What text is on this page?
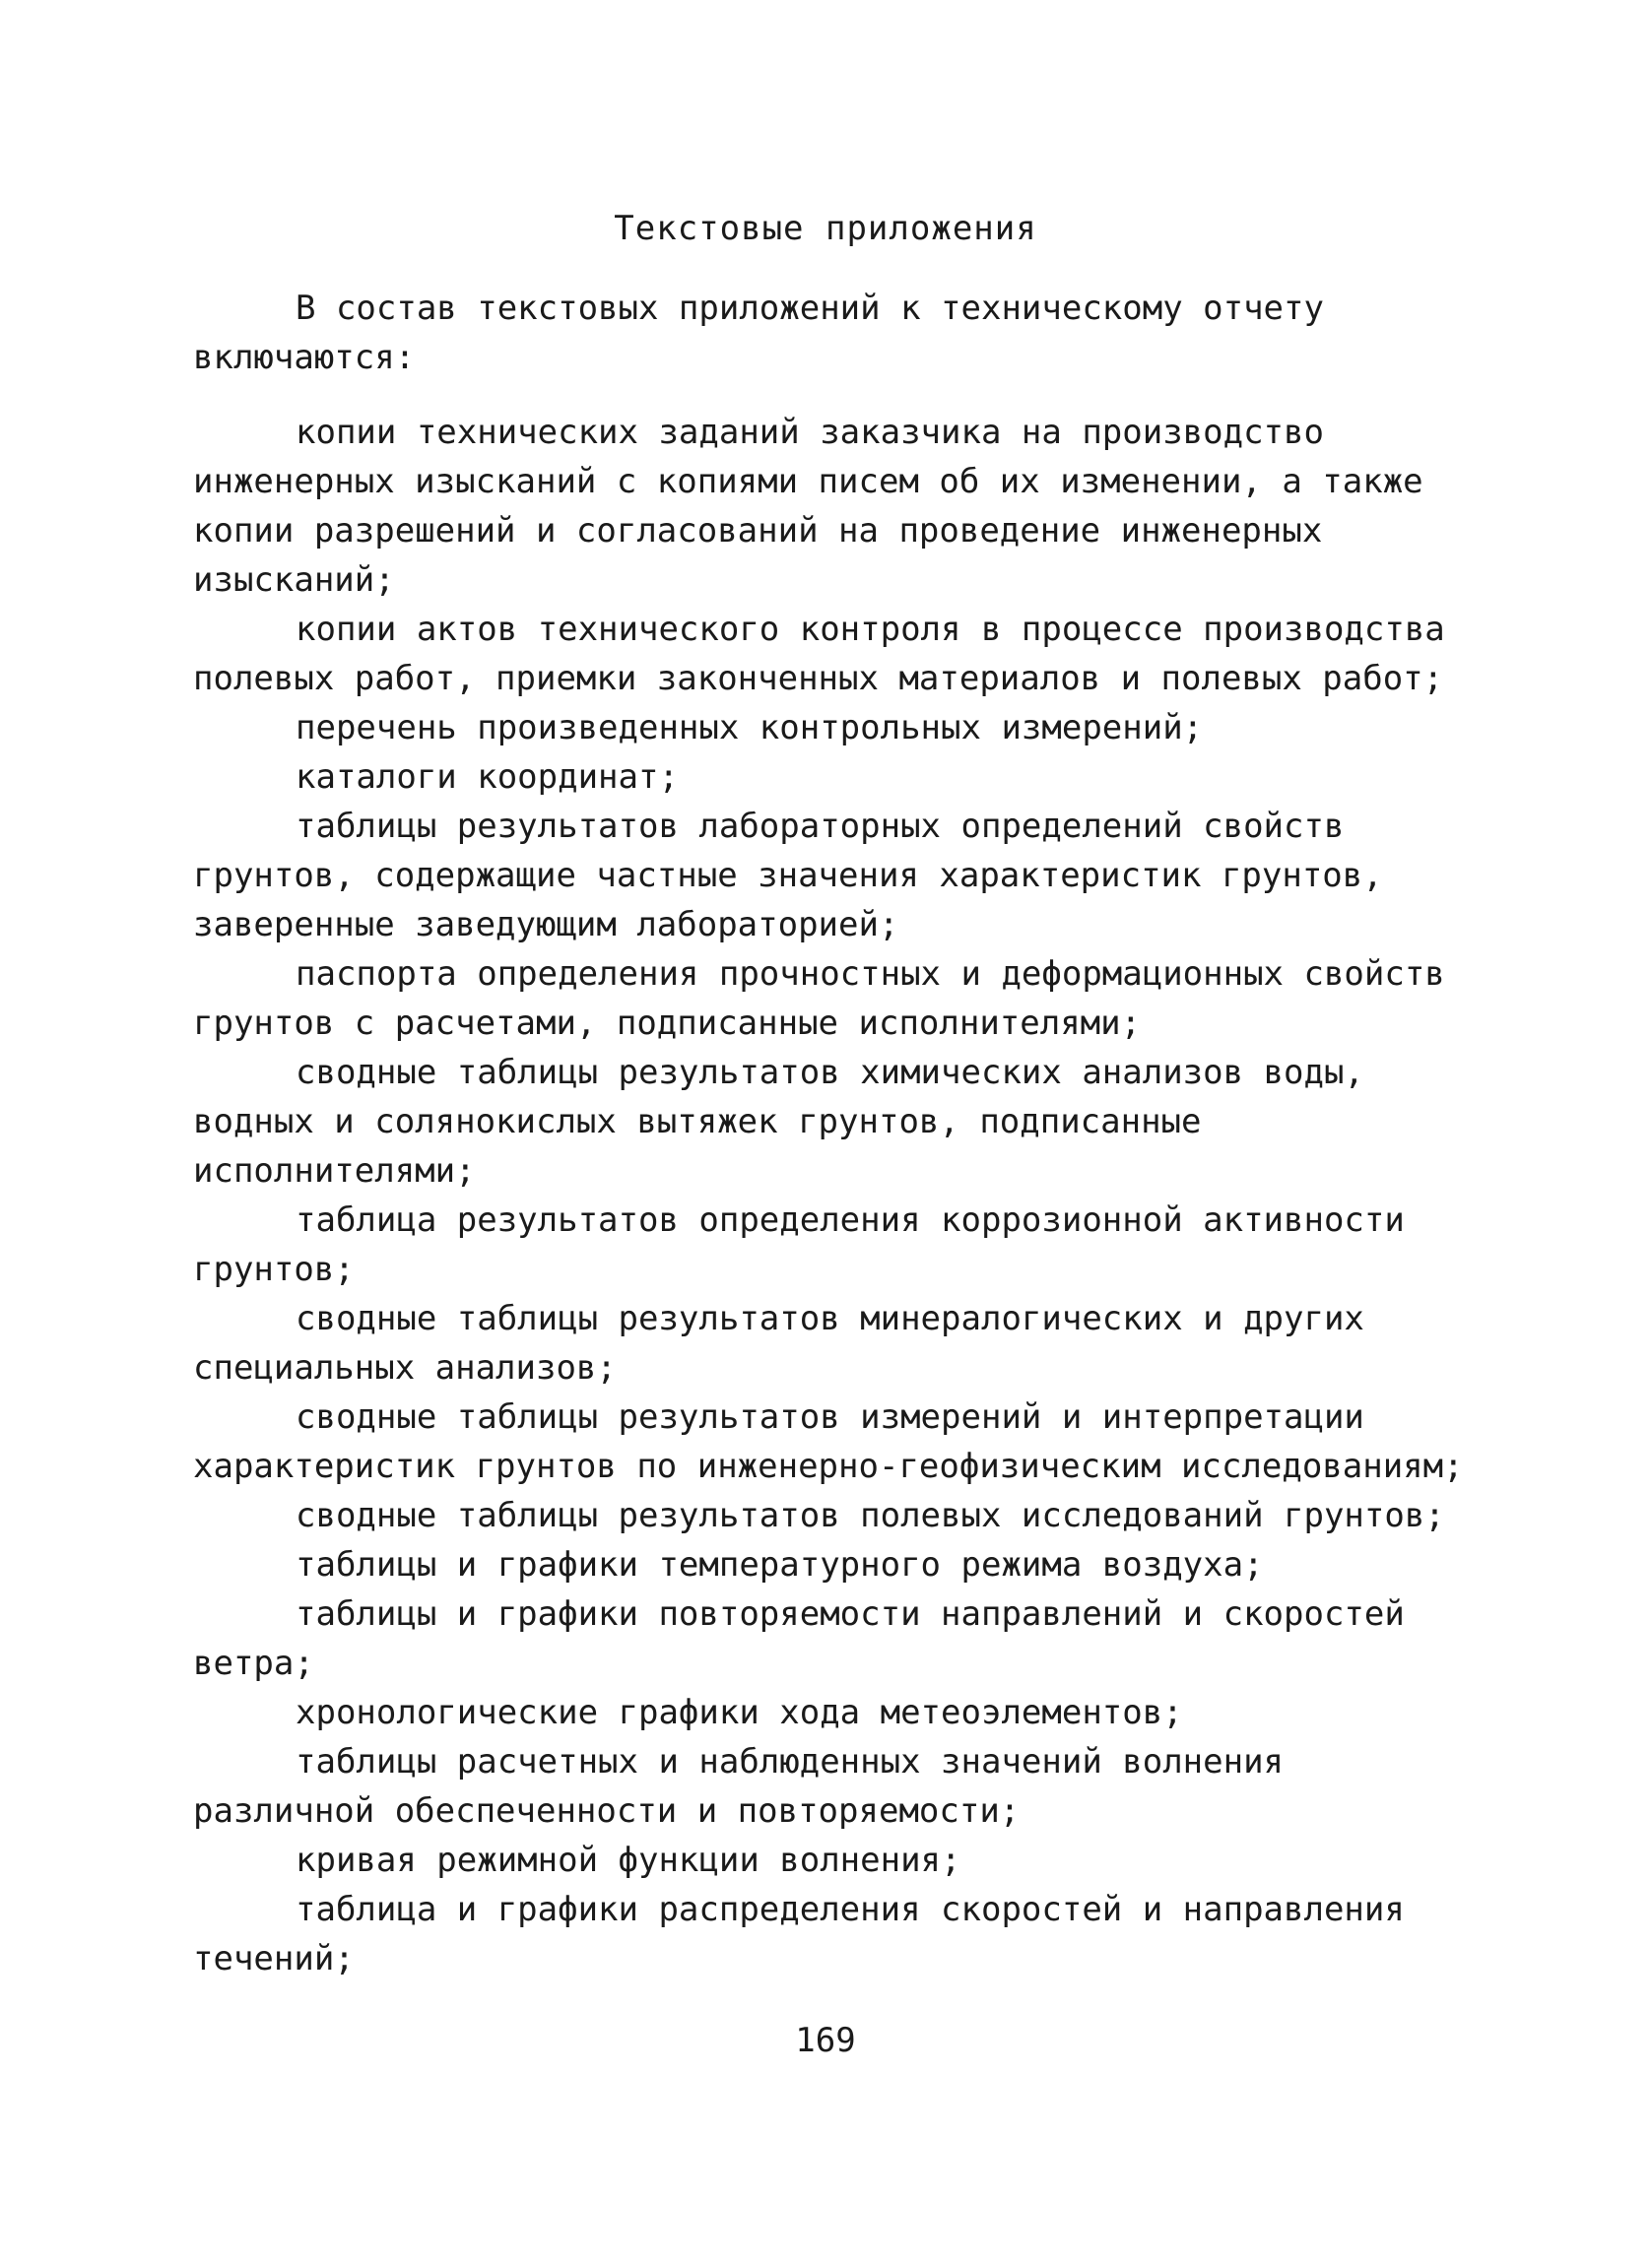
Текстовые приложения

В состав текстовых приложений к техническому отчету включаются:

копии технических заданий заказчика на производство инженерных изысканий с копиями писем об их изменении, а также копии разрешений и согласований на проведение инженерных изысканий;

копии актов технического контроля в процессе производства полевых работ, приемки законченных материалов и полевых работ;

перечень произведенных контрольных измерений;

каталоги координат;

таблицы результатов лабораторных определений свойств грунтов, содержащие частные значения характеристик грунтов, заверенные заведующим лабораторией;

паспорта определения прочностных и деформационных свойств грунтов с расчетами, подписанные исполнителями;

сводные таблицы результатов химических анализов воды, водных и солянокислых вытяжек грунтов, подписанные исполнителями;

таблица результатов определения коррозионной активности грунтов;

сводные таблицы результатов минералогических и других специальных анализов;

сводные таблицы результатов измерений и интерпретации характеристик грунтов по инженерно-геофизическим исследованиям;

сводные таблицы результатов полевых исследований грунтов;

таблицы и графики температурного режима воздуха;

таблицы и графики повторяемости направлений и скоростей ветра;

хронологические графики хода метеоэлементов;

таблицы расчетных и наблюденных значений волнения различной обеспеченности и повторяемости;

кривая режимной функции волнения;

таблица и графики распределения скоростей и направления течений;

169
